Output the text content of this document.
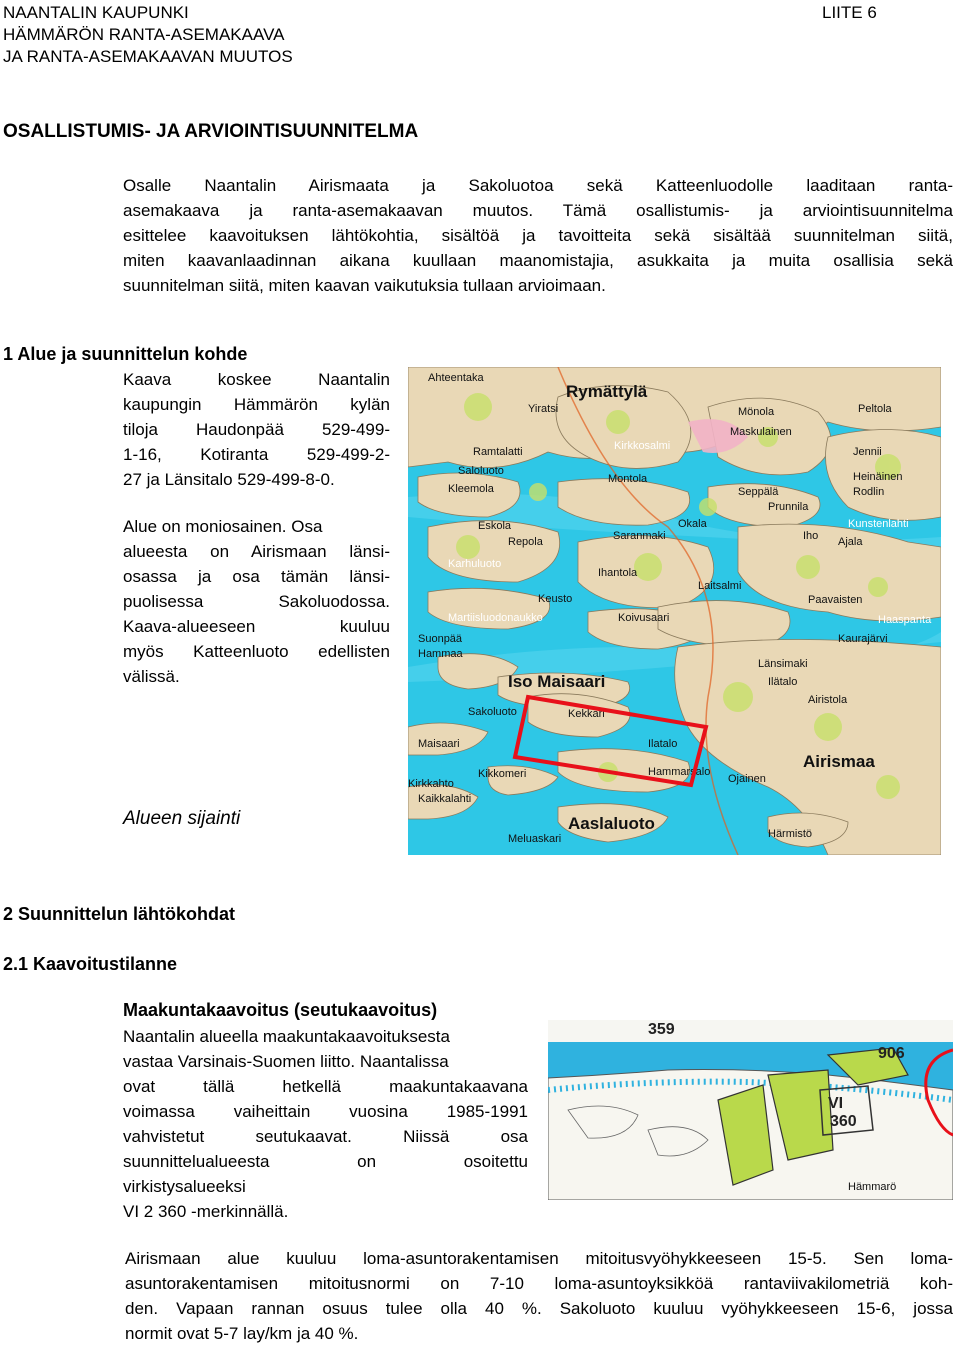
NAANTALIN KAUPUNKI
HÄMMÄRÖN RANTA-ASEMAKAAVA
JA RANTA-ASEMAKAAVAN MUUTOS
LIITE 6
OSALLISTUMIS- JA ARVIOINTISUUNNITELMA
Osalle Naantalin Airismaata ja Sakoluotoa sekä Katteenluodolle laaditaan ranta-
asemakaava ja ranta-asemakaavan muutos. Tämä osallistumis- ja arviointisuunnitelma
esittelee kaavoituksen lähtökohtia, sisältöä ja tavoitteita sekä sisältää suunnitelman siitä,
miten kaavanlaadinnan aikana kuullaan maanomistajia, asukkaita ja muita osallisia sekä
suunnitelman siitä, miten kaavan vaikutuksia tullaan arvioimaan.
1 Alue ja suunnittelun kohde
Kaava koskee Naantalin
kaupungin Hämmärön kylän
tiloja Haudonpää 529-499-
1-16, Kotiranta 529-499-2-
27 ja Länsitalo 529-499-8-0.
Alue on moniosainen. Osa
alueesta on Airismaan länsi-
osassa ja osa tämän länsi-
puolisessa Sakoluodossa.
Kaava-alueeseen kuuluu
myös Katteenluoto edellisten
välissä.
Alueen sijainti
Ahteentaka
Rymättylä
Yiratsi	Mönola
Maskulainen
Peltola
Ramtalatti	Kirkkosalmi
Saloluoto
Montola
Jennii
Kleemola	Seppälä
Prunnila
Heinäinen
Rodlin
Eskola
Repola
Okala
Saranmaki
Kunstenlahti
Ajala
Iho
Karhuluoto
Ihantola
Keusto
Laitsalmi
Paavaisten
Martiisluodonaukko	Koivusaari	Haaspanta
Kaurajärvi
Suonpää
Hammaa
Iso Maisaari
Länsimaki
Ilätalo
Sakoluoto	Kekkari
Ilatalo
Airistola
Maisaari
Hammarsalo
Airismaa
Kikkomeri	Ojainen
Kirkkahto
Kaikkalahti
Aaslaluoto
Härmistö
Meluaskari
2 Suunnittelun lähtökohdat
2.1 Kaavoitustilanne
Maakuntakaavoitus (seutukaavoitus)
Naantalin alueella maakuntakaavoituksesta
vastaa Varsinais-Suomen liitto. Naantalissa
ovat tällä hetkellä maakuntakaavana
voimassa vaiheittain vuosina 1985-1991
vahvistetut seutukaavat. Niissä osa
suunnittelualueesta on osoitettu
virkistysalueeksi
VI 2 360 -merkinnällä.
359
906
VI
360
Hämmarö
Airismaan alue kuuluu loma-asuntorakentamisen mitoitusvyöhykkeeseen 15-5. Sen loma-
asuntorakentamisen mitoitusnormi on 7-10 loma-asuntoyksikköä rantaviivakilometriä koh-
den. Vapaan rannan osuus tulee olla 40 %. Sakoluoto kuuluu vyöhykkeeseen 15-6, jossa
normit ovat 5-7 lay/km ja 40 %.
